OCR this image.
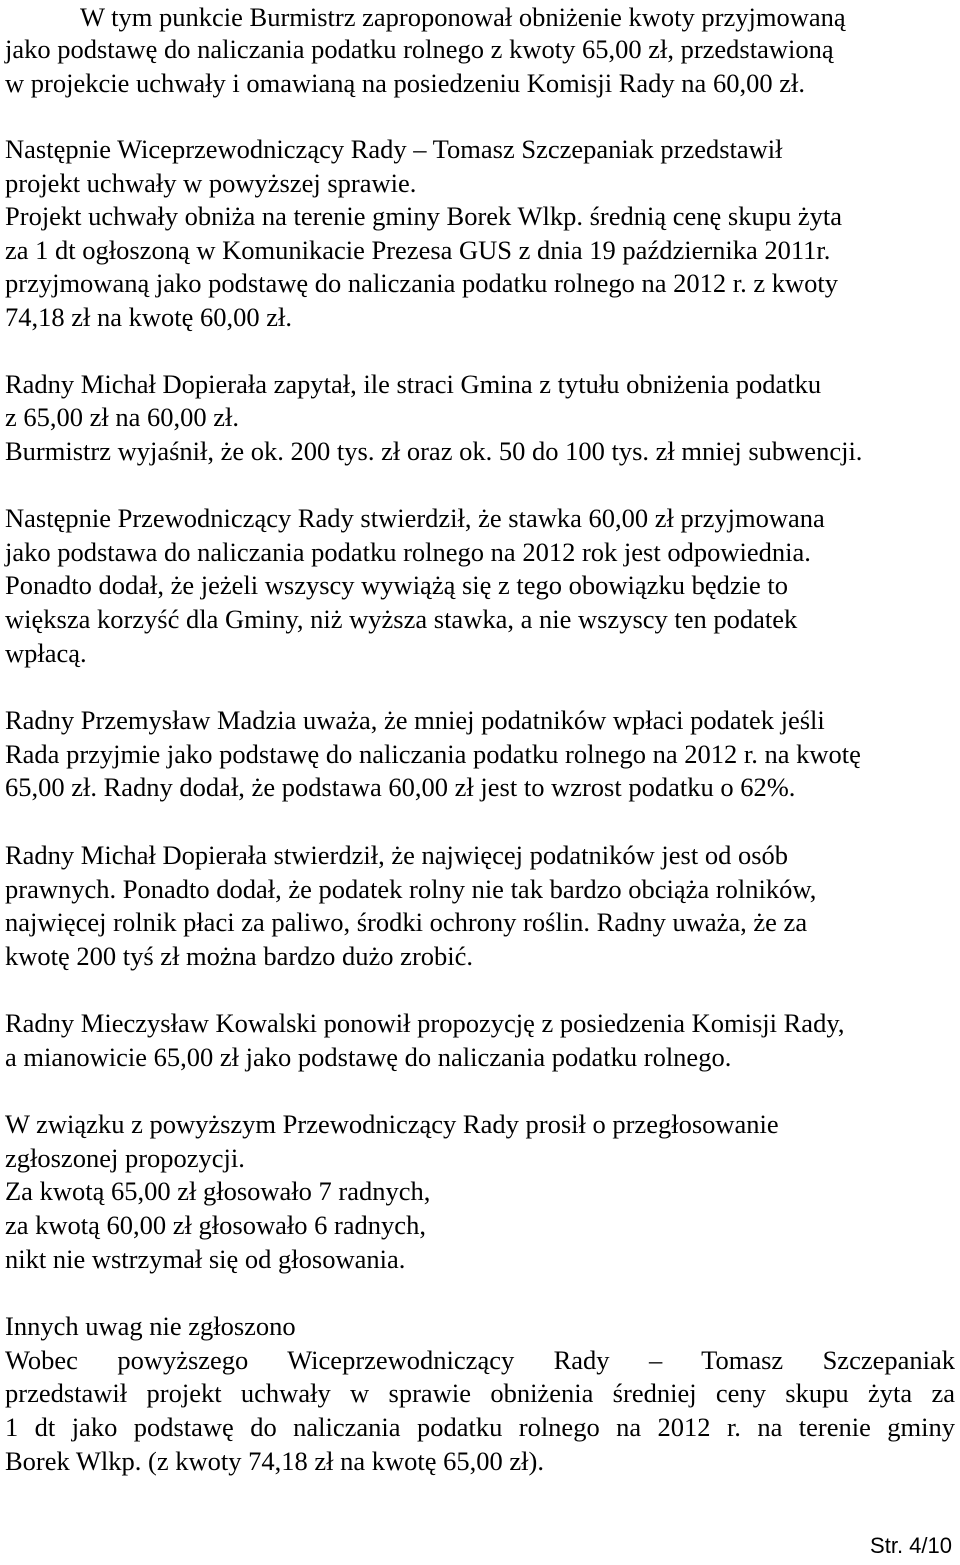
W tym punkcie Burmistrz zaproponował obniżenie kwoty przyjmowaną
jako podstawę do naliczania podatku rolnego z kwoty 65,00 zł, przedstawioną
w projekcie uchwały i omawianą na posiedzeniu Komisji Rady na 60,00 zł.
Następnie Wiceprzewodniczący Rady – Tomasz Szczepaniak przedstawił
projekt uchwały w powyższej sprawie.
Projekt uchwały obniża na terenie gminy Borek Wlkp. średnią cenę skupu żyta
za 1 dt ogłoszoną w Komunikacie Prezesa GUS z dnia 19 października 2011r.
przyjmowaną jako podstawę do naliczania podatku rolnego na 2012 r. z kwoty
74,18 zł na kwotę 60,00 zł.
Radny Michał Dopierała zapytał, ile straci Gmina z tytułu obniżenia podatku
z 65,00 zł na 60,00 zł.
Burmistrz wyjaśnił, że ok. 200 tys. zł oraz ok. 50 do 100 tys. zł mniej subwencji.
Następnie Przewodniczący Rady stwierdził, że stawka 60,00 zł przyjmowana
jako podstawa do naliczania podatku rolnego na 2012 rok jest odpowiednia.
Ponadto dodał, że jeżeli wszyscy wywiążą się z tego obowiązku będzie to
większa korzyść dla Gminy, niż wyższa stawka, a nie wszyscy ten podatek
wpłacą.
Radny Przemysław Madzia uważa, że mniej podatników wpłaci podatek jeśli
Rada przyjmie jako podstawę do naliczania podatku rolnego na 2012 r. na kwotę
65,00 zł. Radny dodał, że podstawa 60,00 zł jest to wzrost podatku o 62%.
Radny Michał Dopierała stwierdził, że najwięcej podatników jest od osób
prawnych. Ponadto dodał, że podatek rolny nie tak bardzo obciąża rolników,
najwięcej rolnik płaci za paliwo, środki ochrony roślin. Radny uważa, że za
kwotę 200 tyś zł można bardzo dużo zrobić.
Radny Mieczysław Kowalski ponowił propozycję z posiedzenia Komisji Rady,
a mianowicie 65,00 zł jako podstawę do naliczania podatku rolnego.
W związku z powyższym Przewodniczący Rady prosił o przegłosowanie
zgłoszonej propozycji.
Za kwotą 65,00 zł głosowało 7 radnych,
za kwotą 60,00 zł głosowało 6 radnych,
nikt nie wstrzymał się od głosowania.
Innych uwag nie zgłoszono
Wobec powyższego Wiceprzewodniczący Rady – Tomasz Szczepaniak
przedstawił projekt uchwały w sprawie obniżenia średniej ceny skupu żyta za
1 dt jako podstawę do naliczania podatku rolnego na 2012 r. na terenie gminy
Borek Wlkp. (z kwoty 74,18 zł na kwotę 65,00 zł).
Str. 4/10
